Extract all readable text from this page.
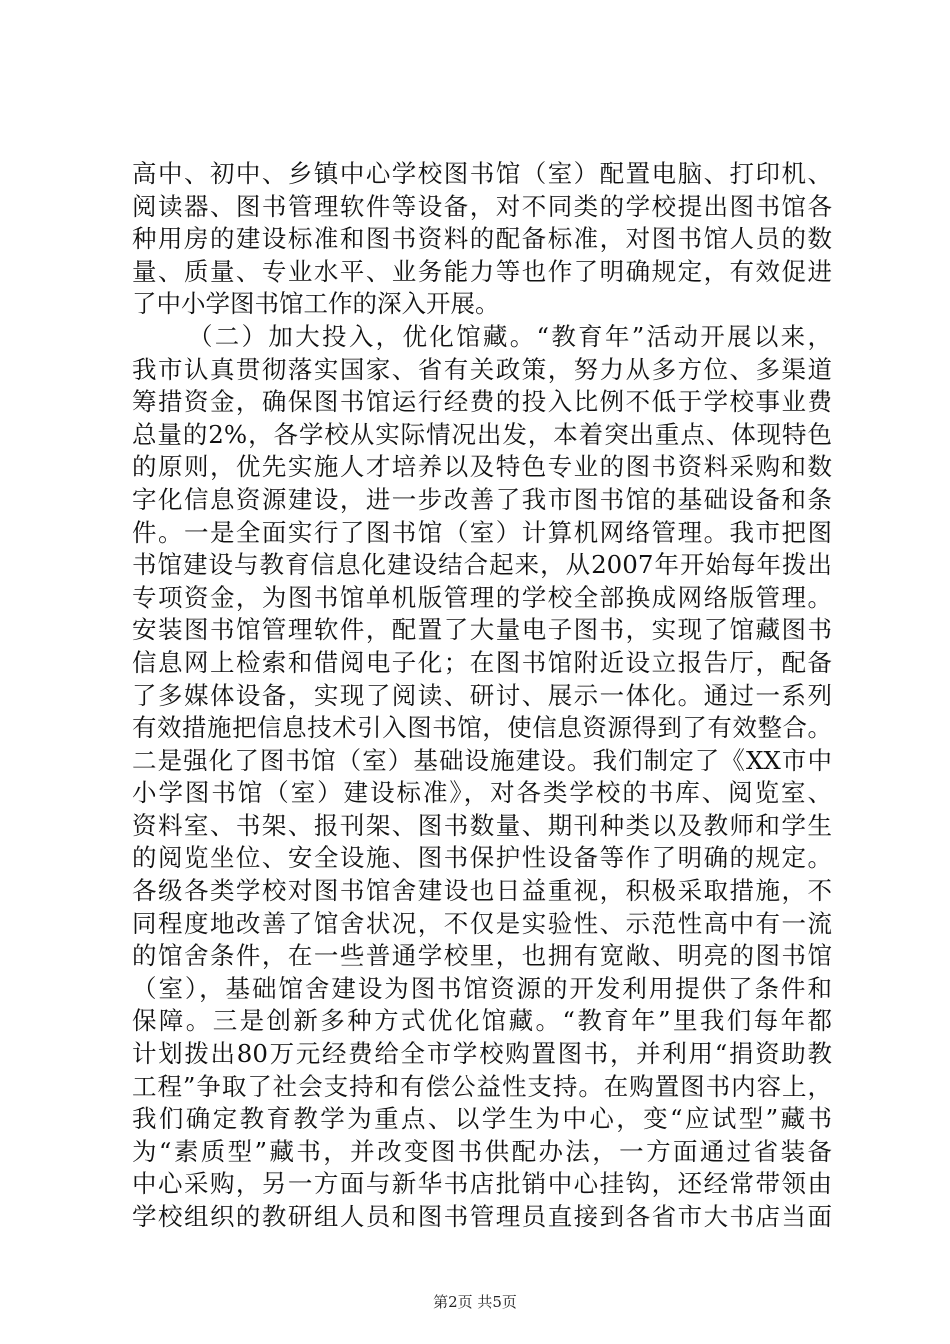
高中、初中、乡镇中心学校图书馆（室）配置电脑、打印机、
阅读器、图书管理软件等设备，对不同类的学校提出图书馆各
种用房的建设标准和图书资料的配备标准，对图书馆人员的数
量、质量、专业水平、业务能力等也作了明确规定，有效促进
了中小学图书馆工作的深入开展。
（二）加大投入，优化馆藏。“教育年”活动开展以来，
我市认真贯彻落实国家、省有关政策，努力从多方位、多渠道
筹措资金，确保图书馆运行经费的投入比例不低于学校事业费
总量的2%，各学校从实际情况出发，本着突出重点、体现特色
的原则，优先实施人才培养以及特色专业的图书资料采购和数
字化信息资源建设，进一步改善了我市图书馆的基础设备和条
件。一是全面实行了图书馆（室）计算机网络管理。我市把图
书馆建设与教育信息化建设结合起来，从2007年开始每年拨出
专项资金，为图书馆单机版管理的学校全部换成网络版管理。
安装图书馆管理软件，配置了大量电子图书，实现了馆藏图书
信息网上检索和借阅电子化；在图书馆附近设立报告厅，配备
了多媒体设备，实现了阅读、研讨、展示一体化。通过一系列
有效措施把信息技术引入图书馆，使信息资源得到了有效整合。
二是强化了图书馆（室）基础设施建设。我们制定了《XX市中
小学图书馆（室）建设标准》，对各类学校的书库、阅览室、
资料室、书架、报刊架、图书数量、期刊种类以及教师和学生
的阅览坐位、安全设施、图书保护性设备等作了明确的规定。
各级各类学校对图书馆舍建设也日益重视，积极采取措施，不
同程度地改善了馆舍状况，不仅是实验性、示范性高中有一流
的馆舍条件，在一些普通学校里，也拥有宽敞、明亮的图书馆
（室），基础馆舍建设为图书馆资源的开发利用提供了条件和
保障。三是创新多种方式优化馆藏。“教育年”里我们每年都
计划拨出80万元经费给全市学校购置图书，并利用“捐资助教
工程”争取了社会支持和有偿公益性支持。在购置图书内容上，
我们确定教育教学为重点、以学生为中心，变“应试型”藏书
为“素质型”藏书，并改变图书供配办法，一方面通过省装备
中心采购，另一方面与新华书店批销中心挂钩，还经常带领由
学校组织的教研组人员和图书管理员直接到各省市大书店当面
第2页 共5页
